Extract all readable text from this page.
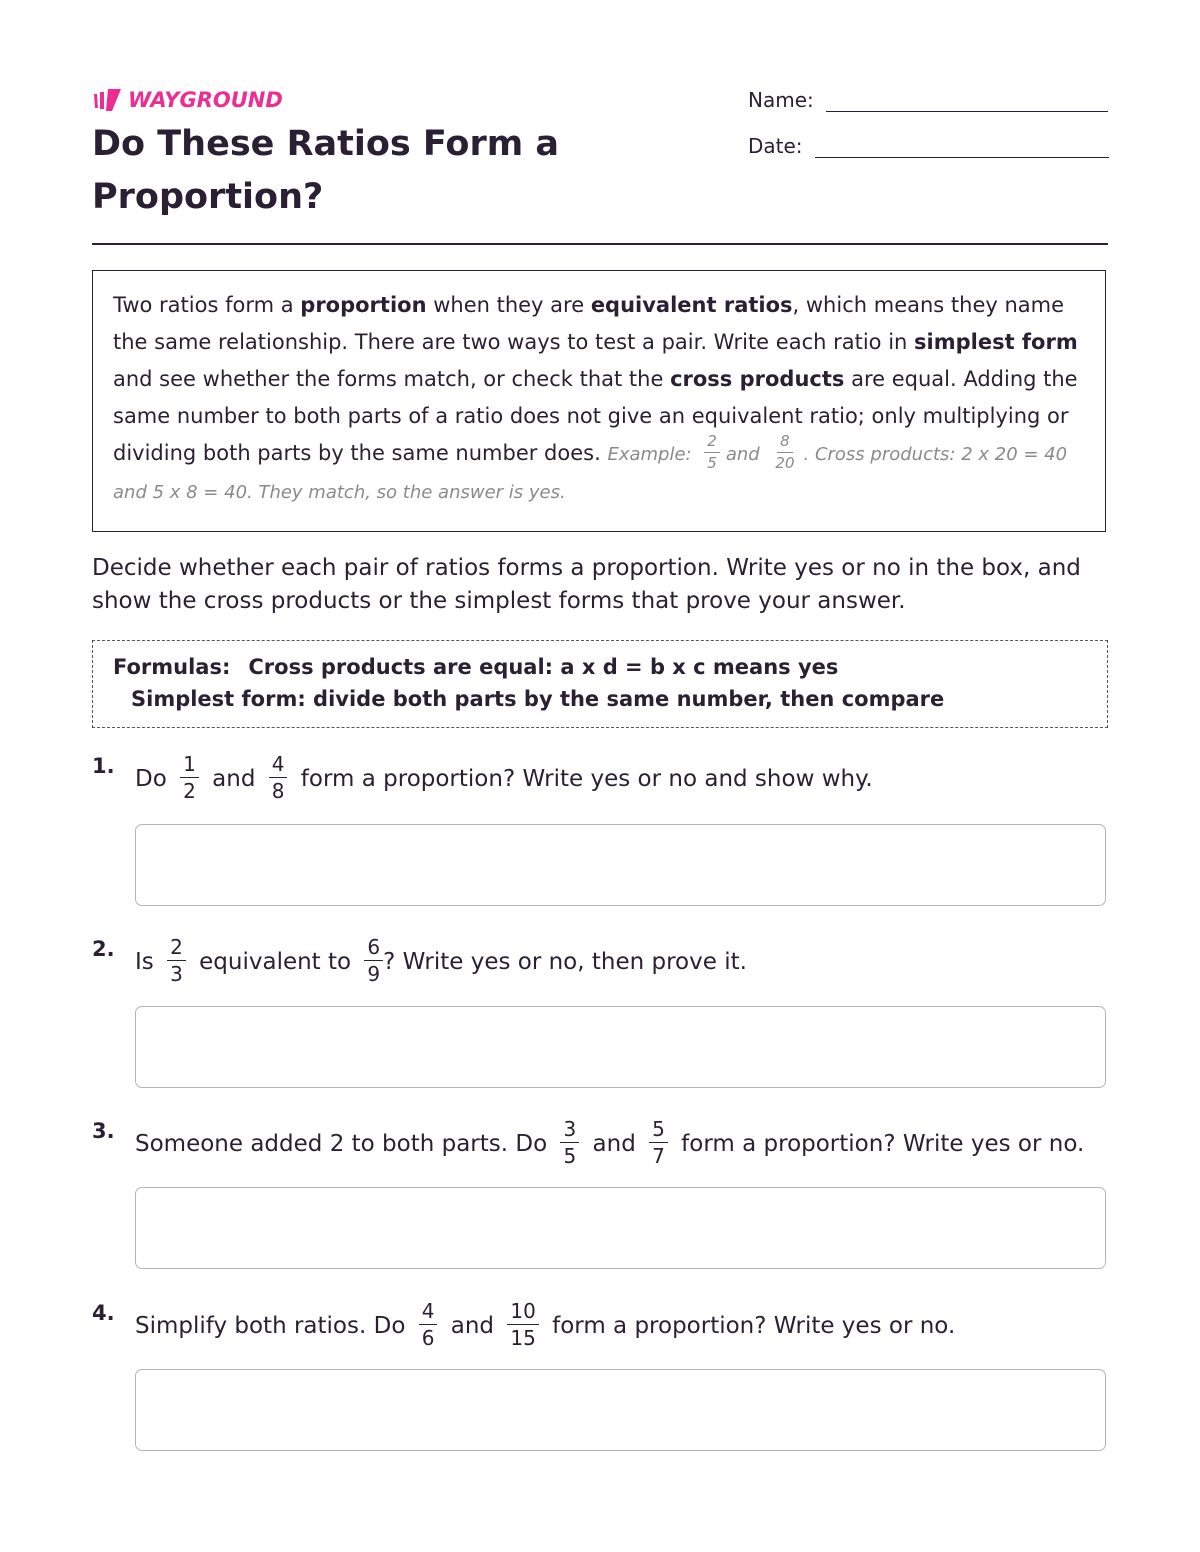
WAYGROUND
Do These Ratios Form a Proportion?
Name:
Date:
Two ratios form a proportion when they are equivalent ratios, which means they name the same relationship. There are two ways to test a pair. Write each ratio in simplest form and see whether the forms match, or check that the cross products are equal. Adding the same number to both parts of a ratio does not give an equivalent ratio; only multiplying or dividing both parts by the same number does. Example: $\frac{2}{5}$ and $\frac{8}{20}$ . Cross products: 2 x 20 = 40 and 5 x 8 = 40. They match, so the answer is yes.

Decide whether each pair of ratios forms a proportion. Write yes or no in the box, and show the cross products or the simplest forms that prove your answer.

Formulas: Cross products are equal: a x d = b x c means yes
Simplest form: divide both parts by the same number, then compare
1. Do $\frac{1}{2}$ and $\frac{4}{8}$ form a proportion? Write yes or no and show why.
2. Is $\frac{2}{3}$ equivalent to $\frac{6}{9}$ ? Write yes or no, then prove it.
3. Someone added 2 to both parts. Do $\frac{3}{5}$ and $\frac{5}{7}$ form a proportion? Write yes or no.
4. Simplify both ratios. Do $\frac{4}{6}$ and $\frac{10}{15}$ form a proportion? Write yes or no.
